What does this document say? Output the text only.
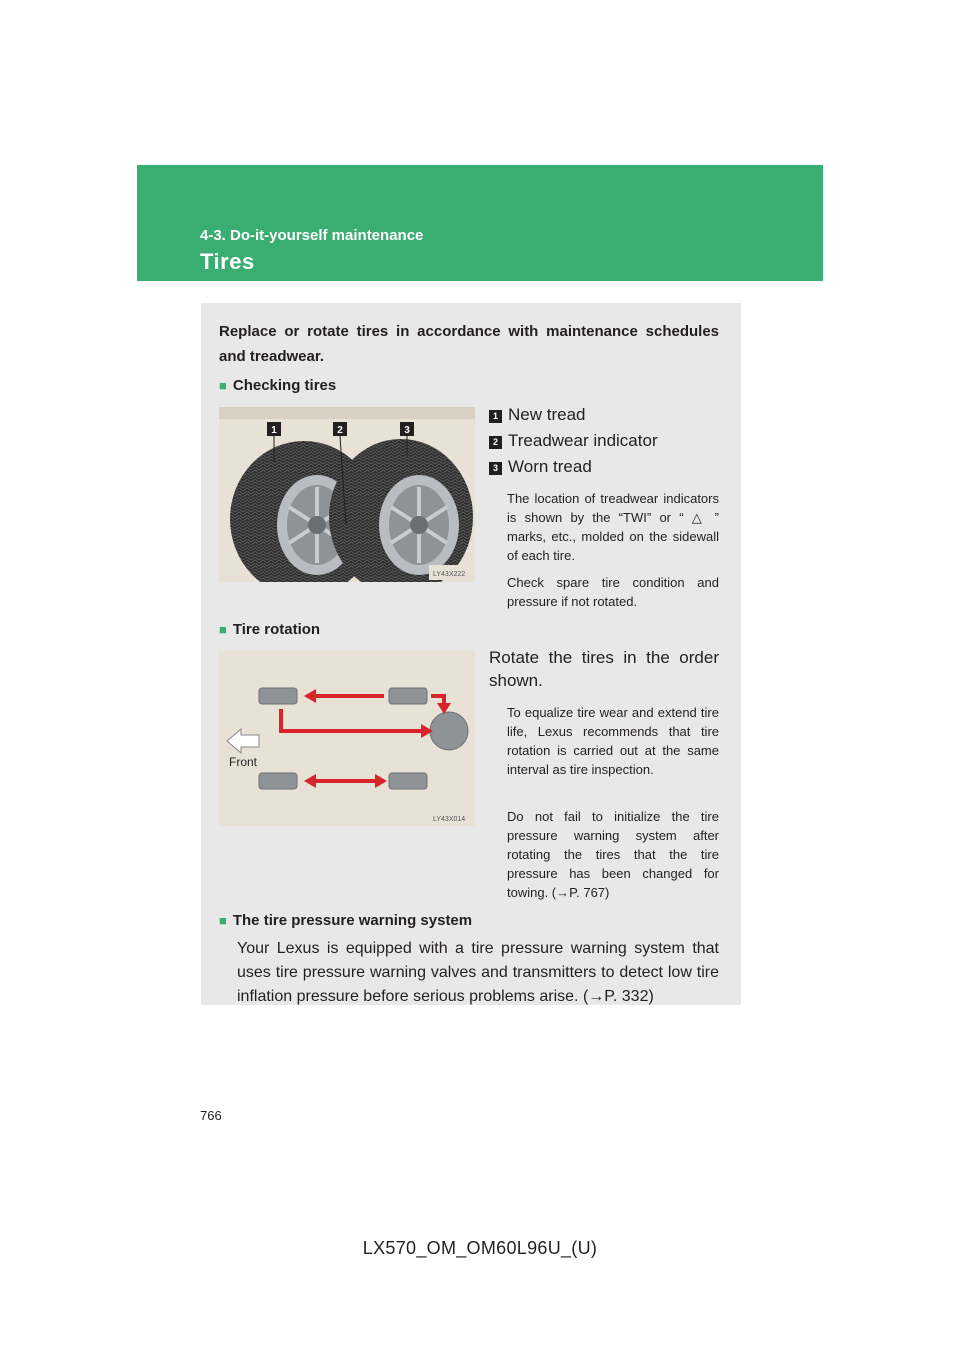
4-3. Do-it-yourself maintenance
Tires
Replace or rotate tires in accordance with maintenance schedules and treadwear.
■ Checking tires
1	2	3
LY43X222
1 New tread
2 Treadwear indicator
3 Worn tread
The location of treadwear indicators is shown by the “TWI” or “ △ ” marks, etc., molded on the sidewall of each tire.
Check spare tire condition and pressure if not rotated.
■ Tire rotation
Front
LY43X014
Rotate the tires in the order shown.
To equalize tire wear and extend tire life, Lexus recommends that tire rotation is carried out at the same interval as tire inspection.
Do not fail to initialize the tire pressure warning system after rotating the tires that the tire pressure has been changed for towing. (→P. 767)
■ The tire pressure warning system
Your Lexus is equipped with a tire pressure warning system that uses tire pressure warning valves and transmitters to detect low tire inflation pressure before serious problems arise. (→P. 332)
766
LX570_OM_OM60L96U_(U)
